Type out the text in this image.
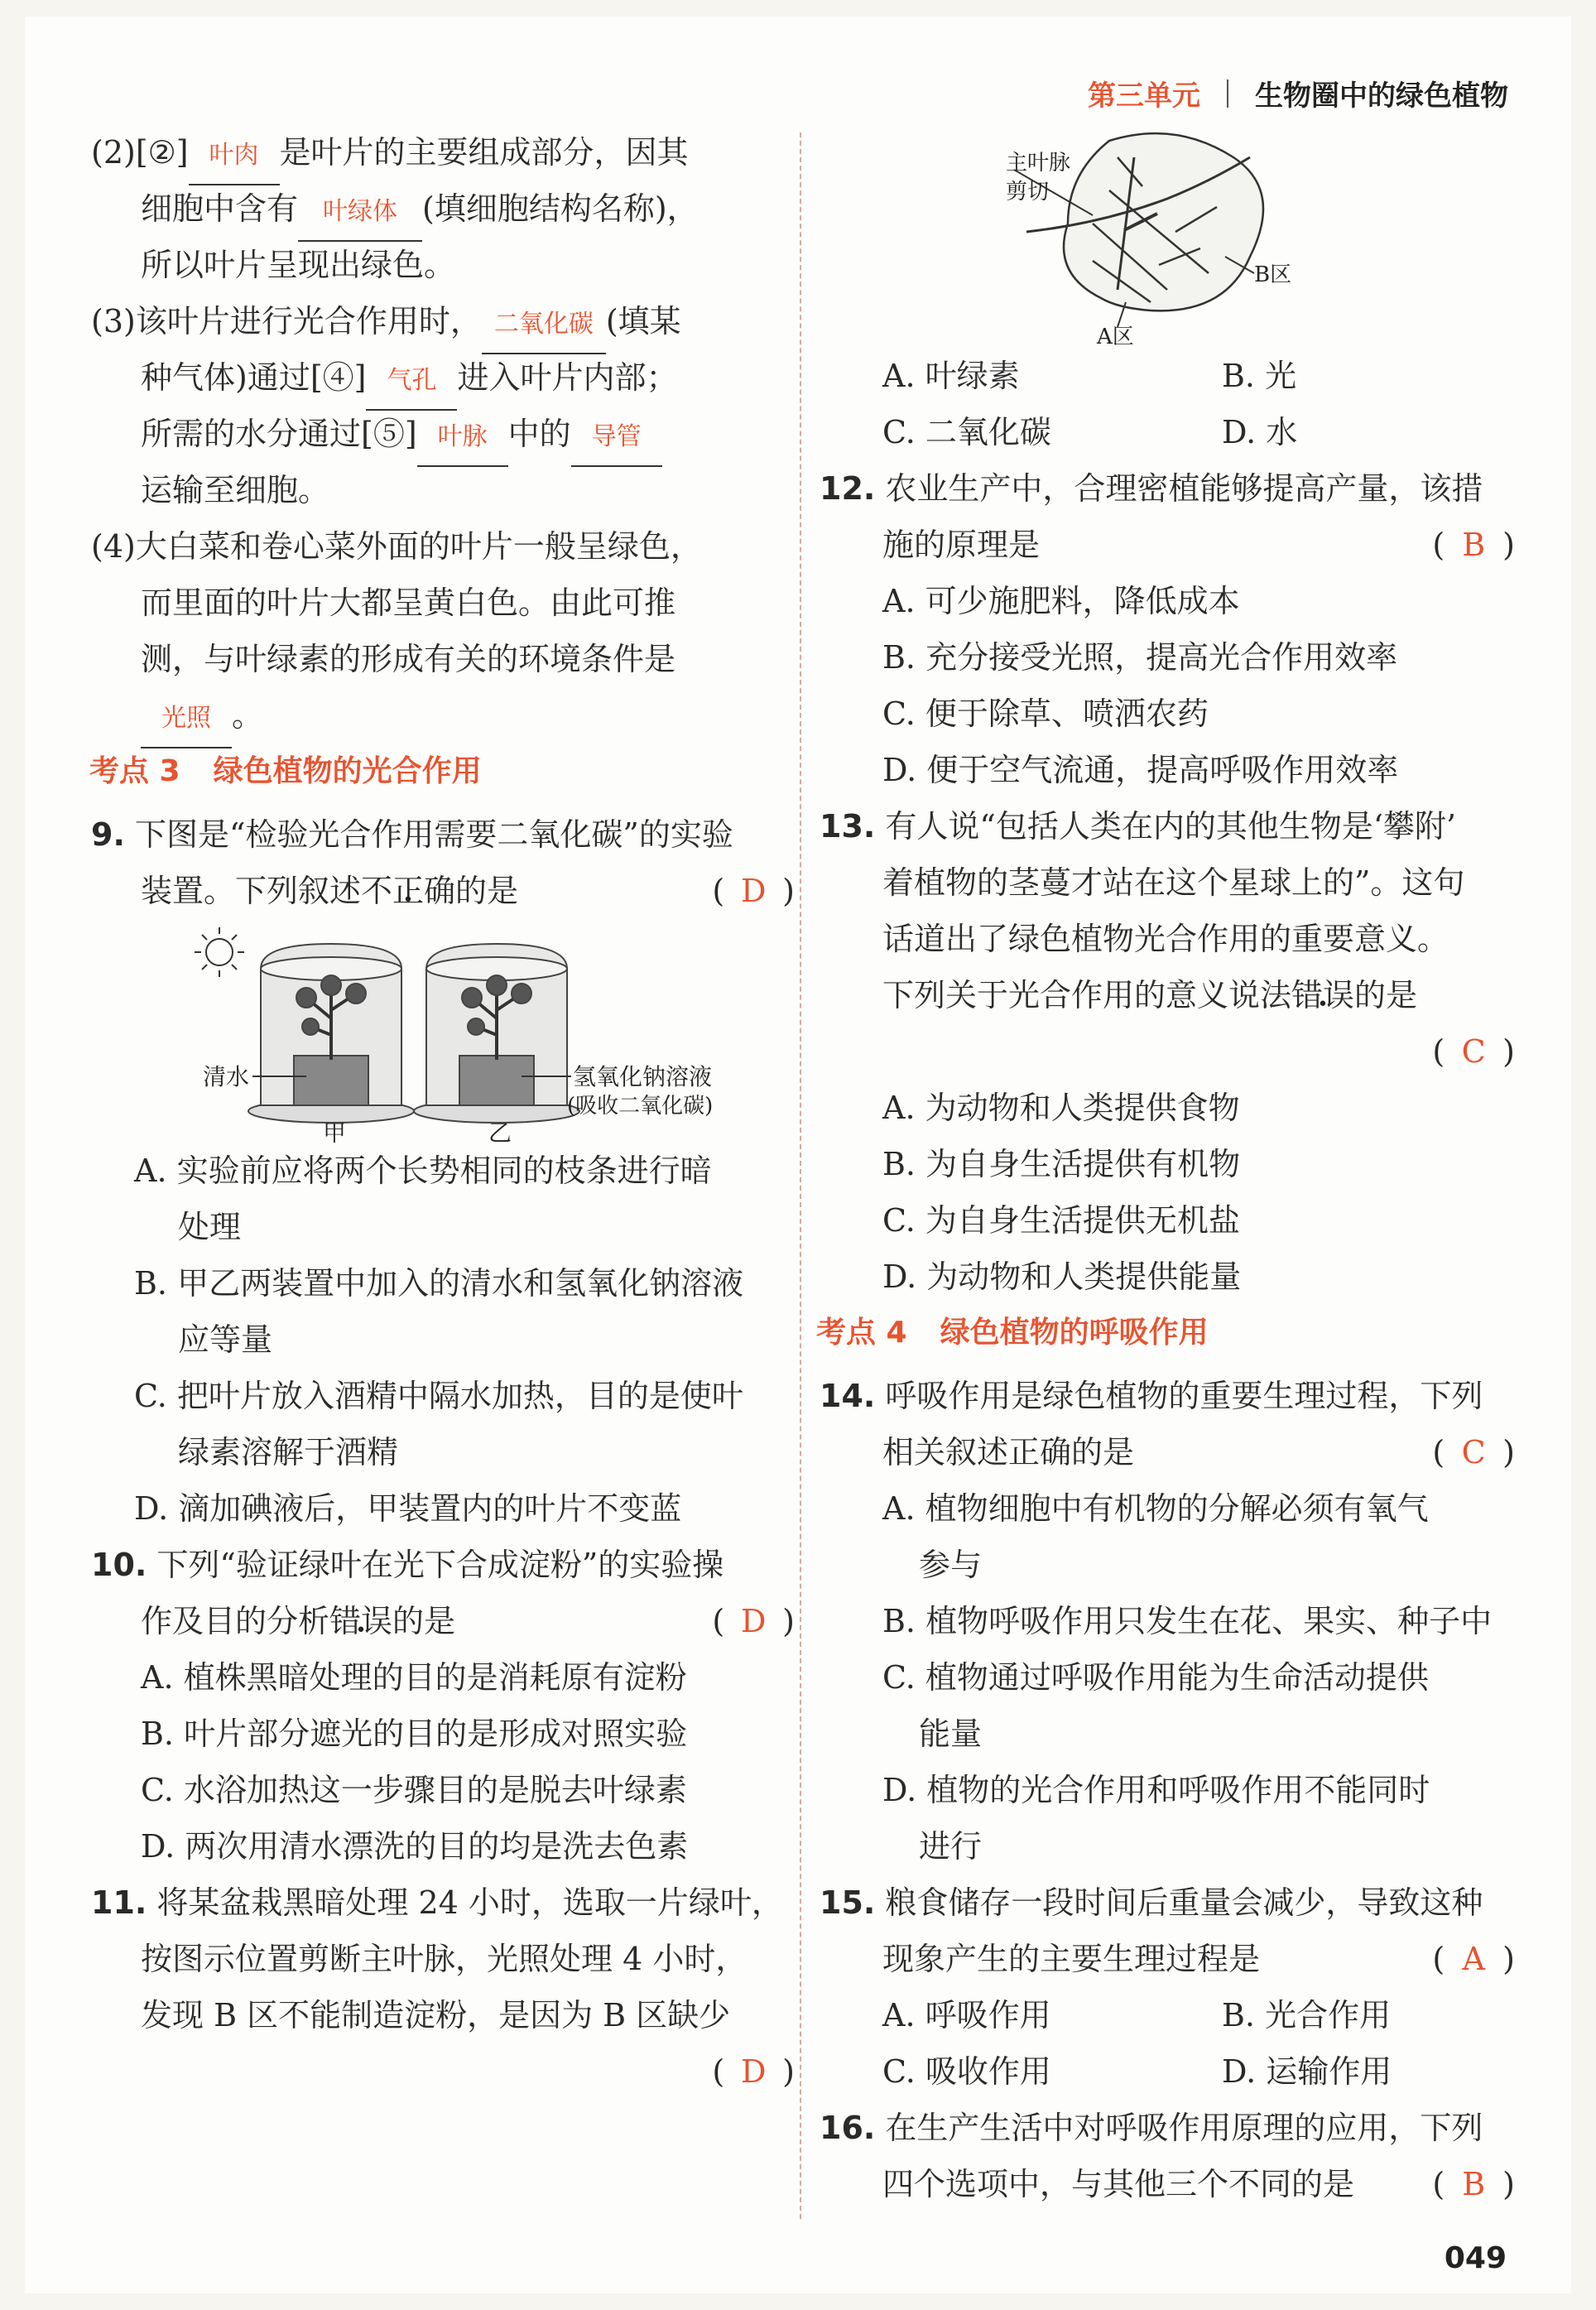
第三单元 生物圈中的绿色植物
(2)[②] 叶肉 是叶片的主要组成部分，因其
细胞中含有 叶绿体 (填细胞结构名称)，
所以叶片呈现出绿色。
(3)该叶片进行光合作用时， 二氧化碳 (填某
种气体)通过[④] 气孔 进入叶片内部；
所需的水分通过[⑤] 叶脉 中的 导管
运输至细胞。
(4)大白菜和卷心菜外面的叶片一般呈绿色，
而里面的叶片大都呈黄白色。由此可推
测，与叶绿素的形成有关的环境条件是
光照 。
考点 3 绿色植物的光合作用
9. 下图是“检验光合作用需要二氧化碳”的实验
装置。下列叙述不正确的是	( D )
清水	氢氧化钠溶液
(吸收二氧化碳)
甲	乙
A. 实验前应将两个长势相同的枝条进行暗
处理
B. 甲乙两装置中加入的清水和氢氧化钠溶液
应等量
C. 把叶片放入酒精中隔水加热，目的是使叶
绿素溶解于酒精
D. 滴加碘液后，甲装置内的叶片不变蓝
10. 下列“验证绿叶在光下合成淀粉”的实验操
作及目的分析错误的是	( D )
A. 植株黑暗处理的目的是消耗原有淀粉
B. 叶片部分遮光的目的是形成对照实验
C. 水浴加热这一步骤目的是脱去叶绿素
D. 两次用清水漂洗的目的均是洗去色素
11. 将某盆栽黑暗处理 24 小时，选取一片绿叶，
按图示位置剪断主叶脉，光照处理 4 小时，
发现 B 区不能制造淀粉，是因为 B 区缺少
( D )
主叶脉
剪切
B区
A区
A. 叶绿素	B. 光
C. 二氧化碳	D. 水
12. 农业生产中，合理密植能够提高产量，该措
施的原理是	( B )
A. 可少施肥料，降低成本
B. 充分接受光照，提高光合作用效率
C. 便于除草、喷洒农药
D. 便于空气流通，提高呼吸作用效率
13. 有人说“包括人类在内的其他生物是‘攀附’
着植物的茎蔓才站在这个星球上的”。这句
话道出了绿色植物光合作用的重要意义。
下列关于光合作用的意义说法错误的是
( C )
A. 为动物和人类提供食物
B. 为自身生活提供有机物
C. 为自身生活提供无机盐
D. 为动物和人类提供能量
考点 4 绿色植物的呼吸作用
14. 呼吸作用是绿色植物的重要生理过程，下列
相关叙述正确的是	( C )
A. 植物细胞中有机物的分解必须有氧气
参与
B. 植物呼吸作用只发生在花、果实、种子中
C. 植物通过呼吸作用能为生命活动提供
能量
D. 植物的光合作用和呼吸作用不能同时
进行
15. 粮食储存一段时间后重量会减少，导致这种
现象产生的主要生理过程是	( A )
A. 呼吸作用	B. 光合作用
C. 吸收作用	D. 运输作用
16. 在生产生活中对呼吸作用原理的应用，下列
四个选项中，与其他三个不同的是 ( B )
049
